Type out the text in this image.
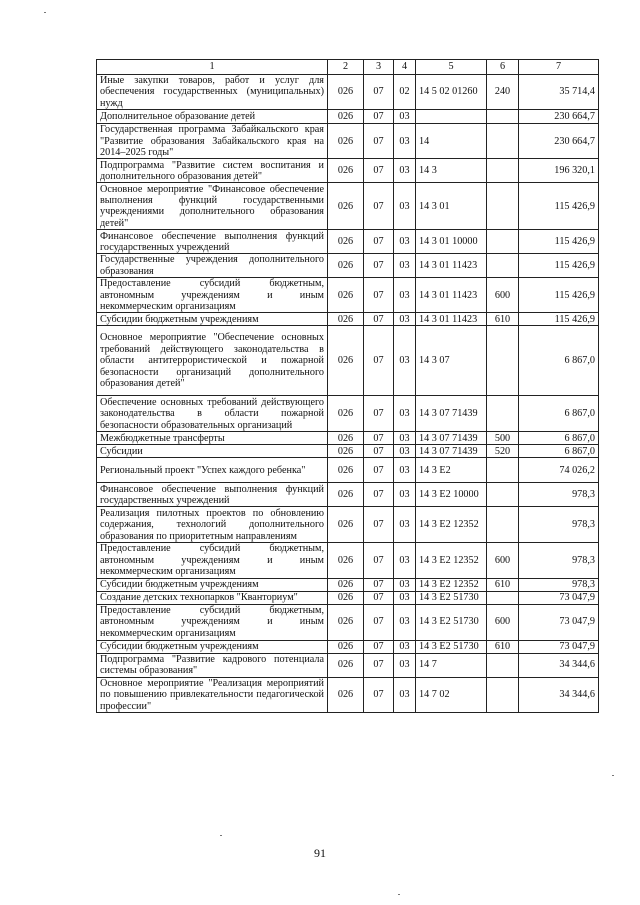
1	2	3	4	5	6	7
Иные закупки товаров, работ и услуг для обеспечения государственных (муниципальных) нужд	026	07	02	14 5 02 01260	240	35 714,4
Дополнительное образование детей	026	07	03			230 664,7
Государственная программа Забайкальского края "Развитие образования Забайкальского края на 2014–2025 годы"	026	07	03	14		230 664,7
Подпрограмма "Развитие систем воспитания и дополнительного образования детей"	026	07	03	14 3		196 320,1
Основное мероприятие "Финансовое обеспечение выполнения функций государственными учреждениями дополнительного образования детей"	026	07	03	14 3 01		115 426,9
Финансовое обеспечение выполнения функций государственных учреждений	026	07	03	14 3 01 10000		115 426,9
Государственные учреждения дополнительного образования	026	07	03	14 3 01 11423		115 426,9
Предоставление субсидий бюджетным, автономным учреждениям и иным некоммерческим организациям	026	07	03	14 3 01 11423	600	115 426,9
Субсидии бюджетным учреждениям	026	07	03	14 3 01 11423	610	115 426,9
Основное мероприятие "Обеспечение основных требований действующего законодательства в области антитеррористической и пожарной безопасности организаций дополнительного образования детей"	026	07	03	14 3 07		6 867,0
Обеспечение основных требований действующего законодательства в области пожарной безопасности образовательных организаций	026	07	03	14 3 07 71439		6 867,0
Межбюджетные трансферты	026	07	03	14 3 07 71439	500	6 867,0
Субсидии	026	07	03	14 3 07 71439	520	6 867,0
Региональный проект "Успех каждого ребенка"	026	07	03	14 3 E2		74 026,2
Финансовое обеспечение выполнения функций государственных учреждений	026	07	03	14 3 E2 10000		978,3
Реализация пилотных проектов по обновлению содержания, технологий дополнительного образования по приоритетным направлениям	026	07	03	14 3 E2 12352		978,3
Предоставление субсидий бюджетным, автономным учреждениям и иным некоммерческим организациям	026	07	03	14 3 E2 12352	600	978,3
Субсидии бюджетным учреждениям	026	07	03	14 3 E2 12352	610	978,3
Создание детских технопарков "Кванториум"	026	07	03	14 3 E2 51730		73 047,9
Предоставление субсидий бюджетным, автономным учреждениям и иным некоммерческим организациям	026	07	03	14 3 E2 51730	600	73 047,9
Субсидии бюджетным учреждениям	026	07	03	14 3 E2 51730	610	73 047,9
Подпрограмма "Развитие кадрового потенциала системы образования"	026	07	03	14 7		34 344,6
Основное мероприятие "Реализация мероприятий по повышению привлекательности педагогической профессии"	026	07	03	14 7 02		34 344,6
91
